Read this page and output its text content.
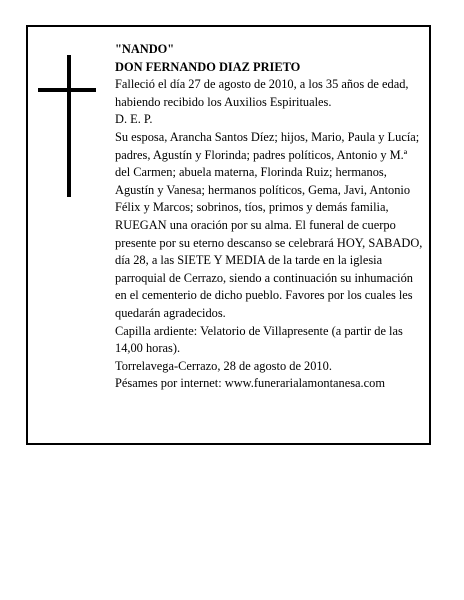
"NANDO"

DON FERNANDO DIAZ PRIETO

Falleció el día 27 de agosto de 2010, a los 35 años de edad,

habiendo recibido los Auxilios Espirituales.

D. E. P.

Su esposa, Arancha Santos Díez; hijos, Mario, Paula y Lucía; padres, Agustín y Florinda; padres políticos, Antonio y M.ª del Carmen; abuela materna, Florinda Ruiz; hermanos, Agustín y Vanesa; hermanos políticos, Gema, Javi, Antonio Félix y Marcos; sobrinos, tíos, primos y demás familia,

RUEGAN una oración por su alma. El funeral de cuerpo presente por su eterno descanso se celebrará HOY, SABADO, día 28, a las SIETE Y MEDIA de la tarde en la iglesia parroquial de Cerrazo, siendo a continuación su inhumación en el cementerio de dicho pueblo. Favores por los cuales les quedarán agradecidos.

Capilla ardiente: Velatorio de Villapresente (a partir de las 14,00 horas).

Torrelavega-Cerrazo, 28 de agosto de 2010.

Pésames por internet: www.funerarialamontanesa.com
